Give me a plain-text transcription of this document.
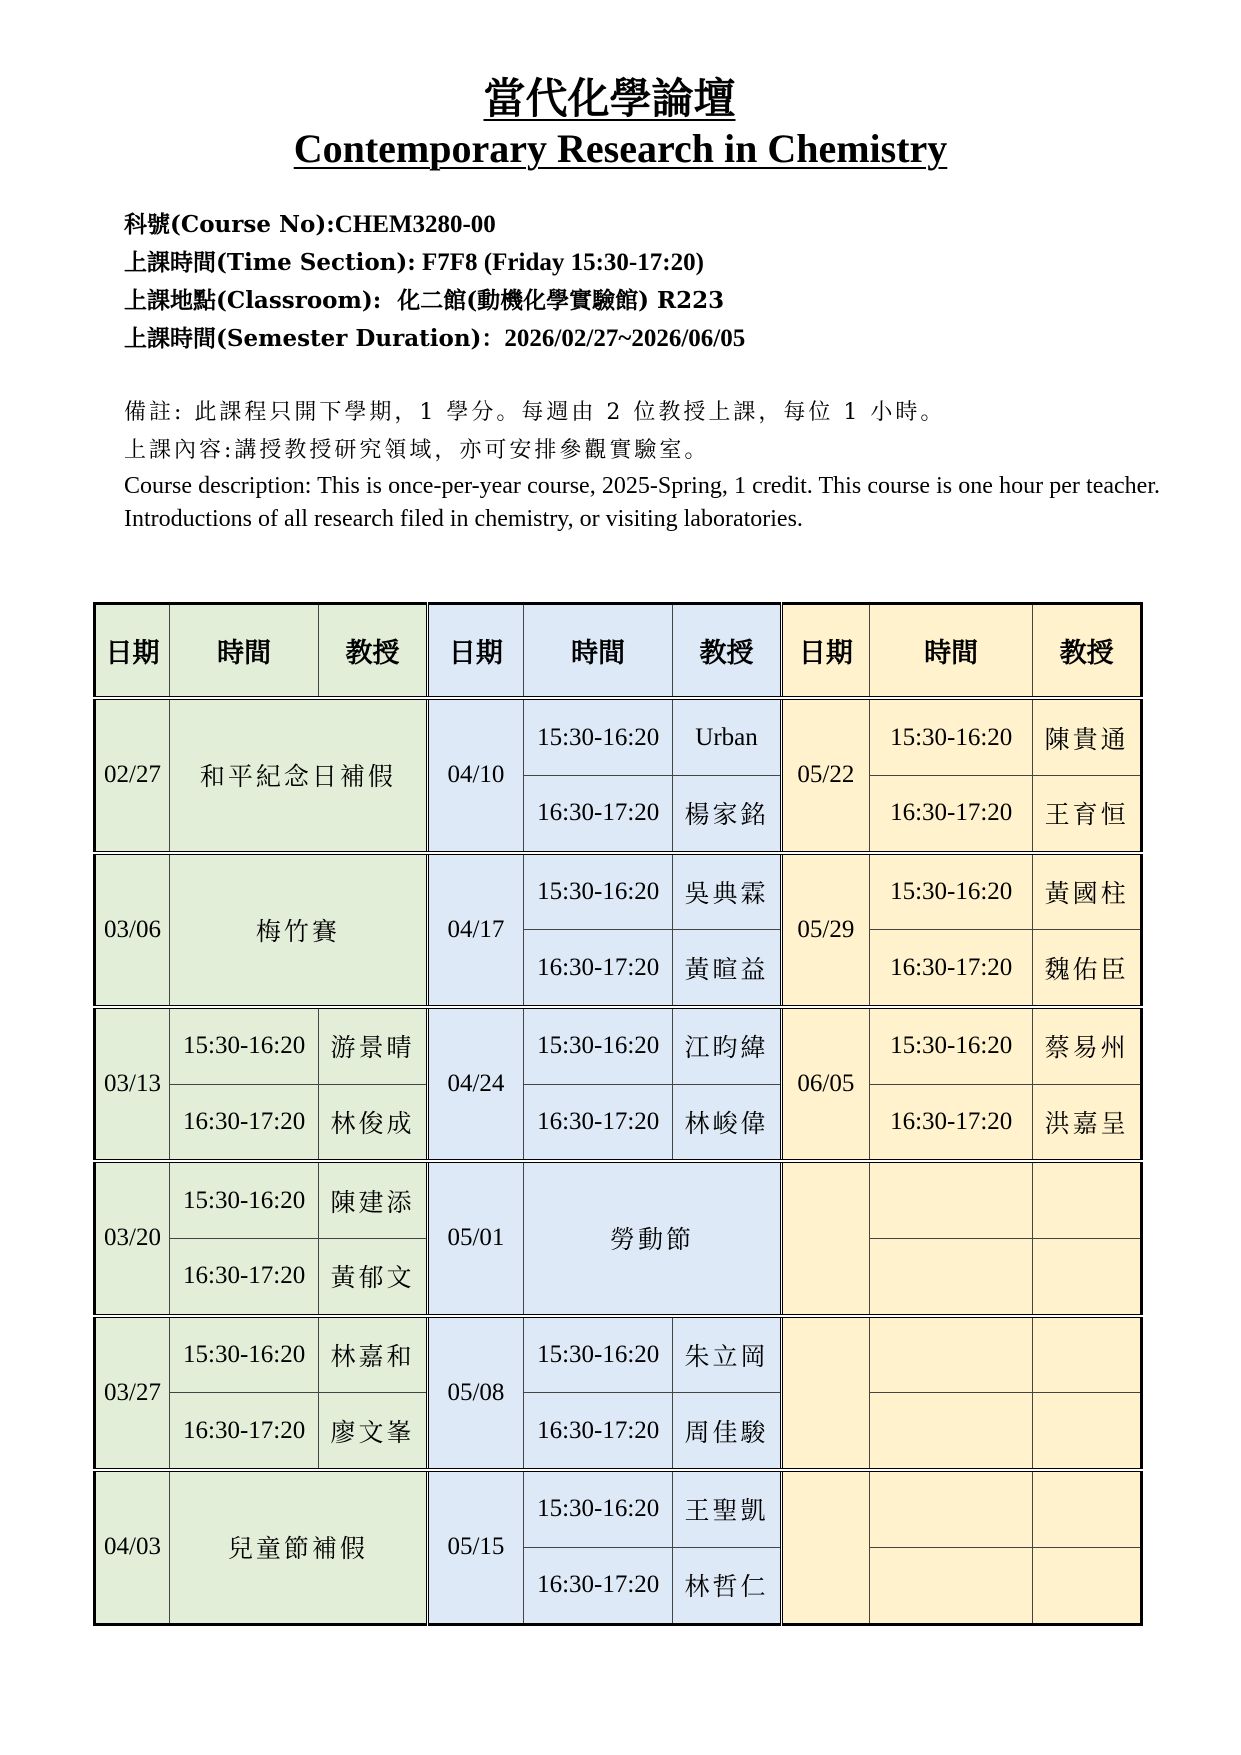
當代化學論壇
Contemporary Research in Chemistry
科號(Course No):CHEM3280-00
上課時間(Time Section): F7F8 (Friday 15:30-17:20)
上課地點(Classroom):  化二館(動機化學實驗館) R223
上課時間(Semester Duration)：2026/02/27~2026/06/05
備註: 此課程只開下學期，1 學分。每週由 2 位教授上課，每位 1 小時。
上課內容:講授教授研究領域，亦可安排參觀實驗室。
Course description: This is once-per-year course, 2025-Spring, 1 credit. This course is one hour per teacher. Introductions of all research filed in chemistry, or visiting laboratories.
日期	時間	教授	日期	時間	教授	日期	時間	教授
02/27	和平紀念日補假		04/10	15:30-16:20	Urban	05/22	15:30-16:20	陳貴通
				16:30-17:20	楊家銘		16:30-17:20	王育恒
03/06	梅竹賽		04/17	15:30-16:20	吳典霖	05/29	15:30-16:20	黃國柱
				16:30-17:20	黃暄益		16:30-17:20	魏佑臣
03/13	15:30-16:20	游景晴	04/24	15:30-16:20	江昀緯	06/05	15:30-16:20	蔡易州
	16:30-17:20	林俊成		16:30-17:20	林峻偉		16:30-17:20	洪嘉呈
03/20	15:30-16:20	陳建添	05/01	勞動節				
	16:30-17:20	黃郁文						
03/27	15:30-16:20	林嘉和	05/08	15:30-16:20	朱立岡			
	16:30-17:20	廖文峯		16:30-17:20	周佳駿			
04/03	兒童節補假		05/15	15:30-16:20	王聖凱			
				16:30-17:20	林哲仁			
